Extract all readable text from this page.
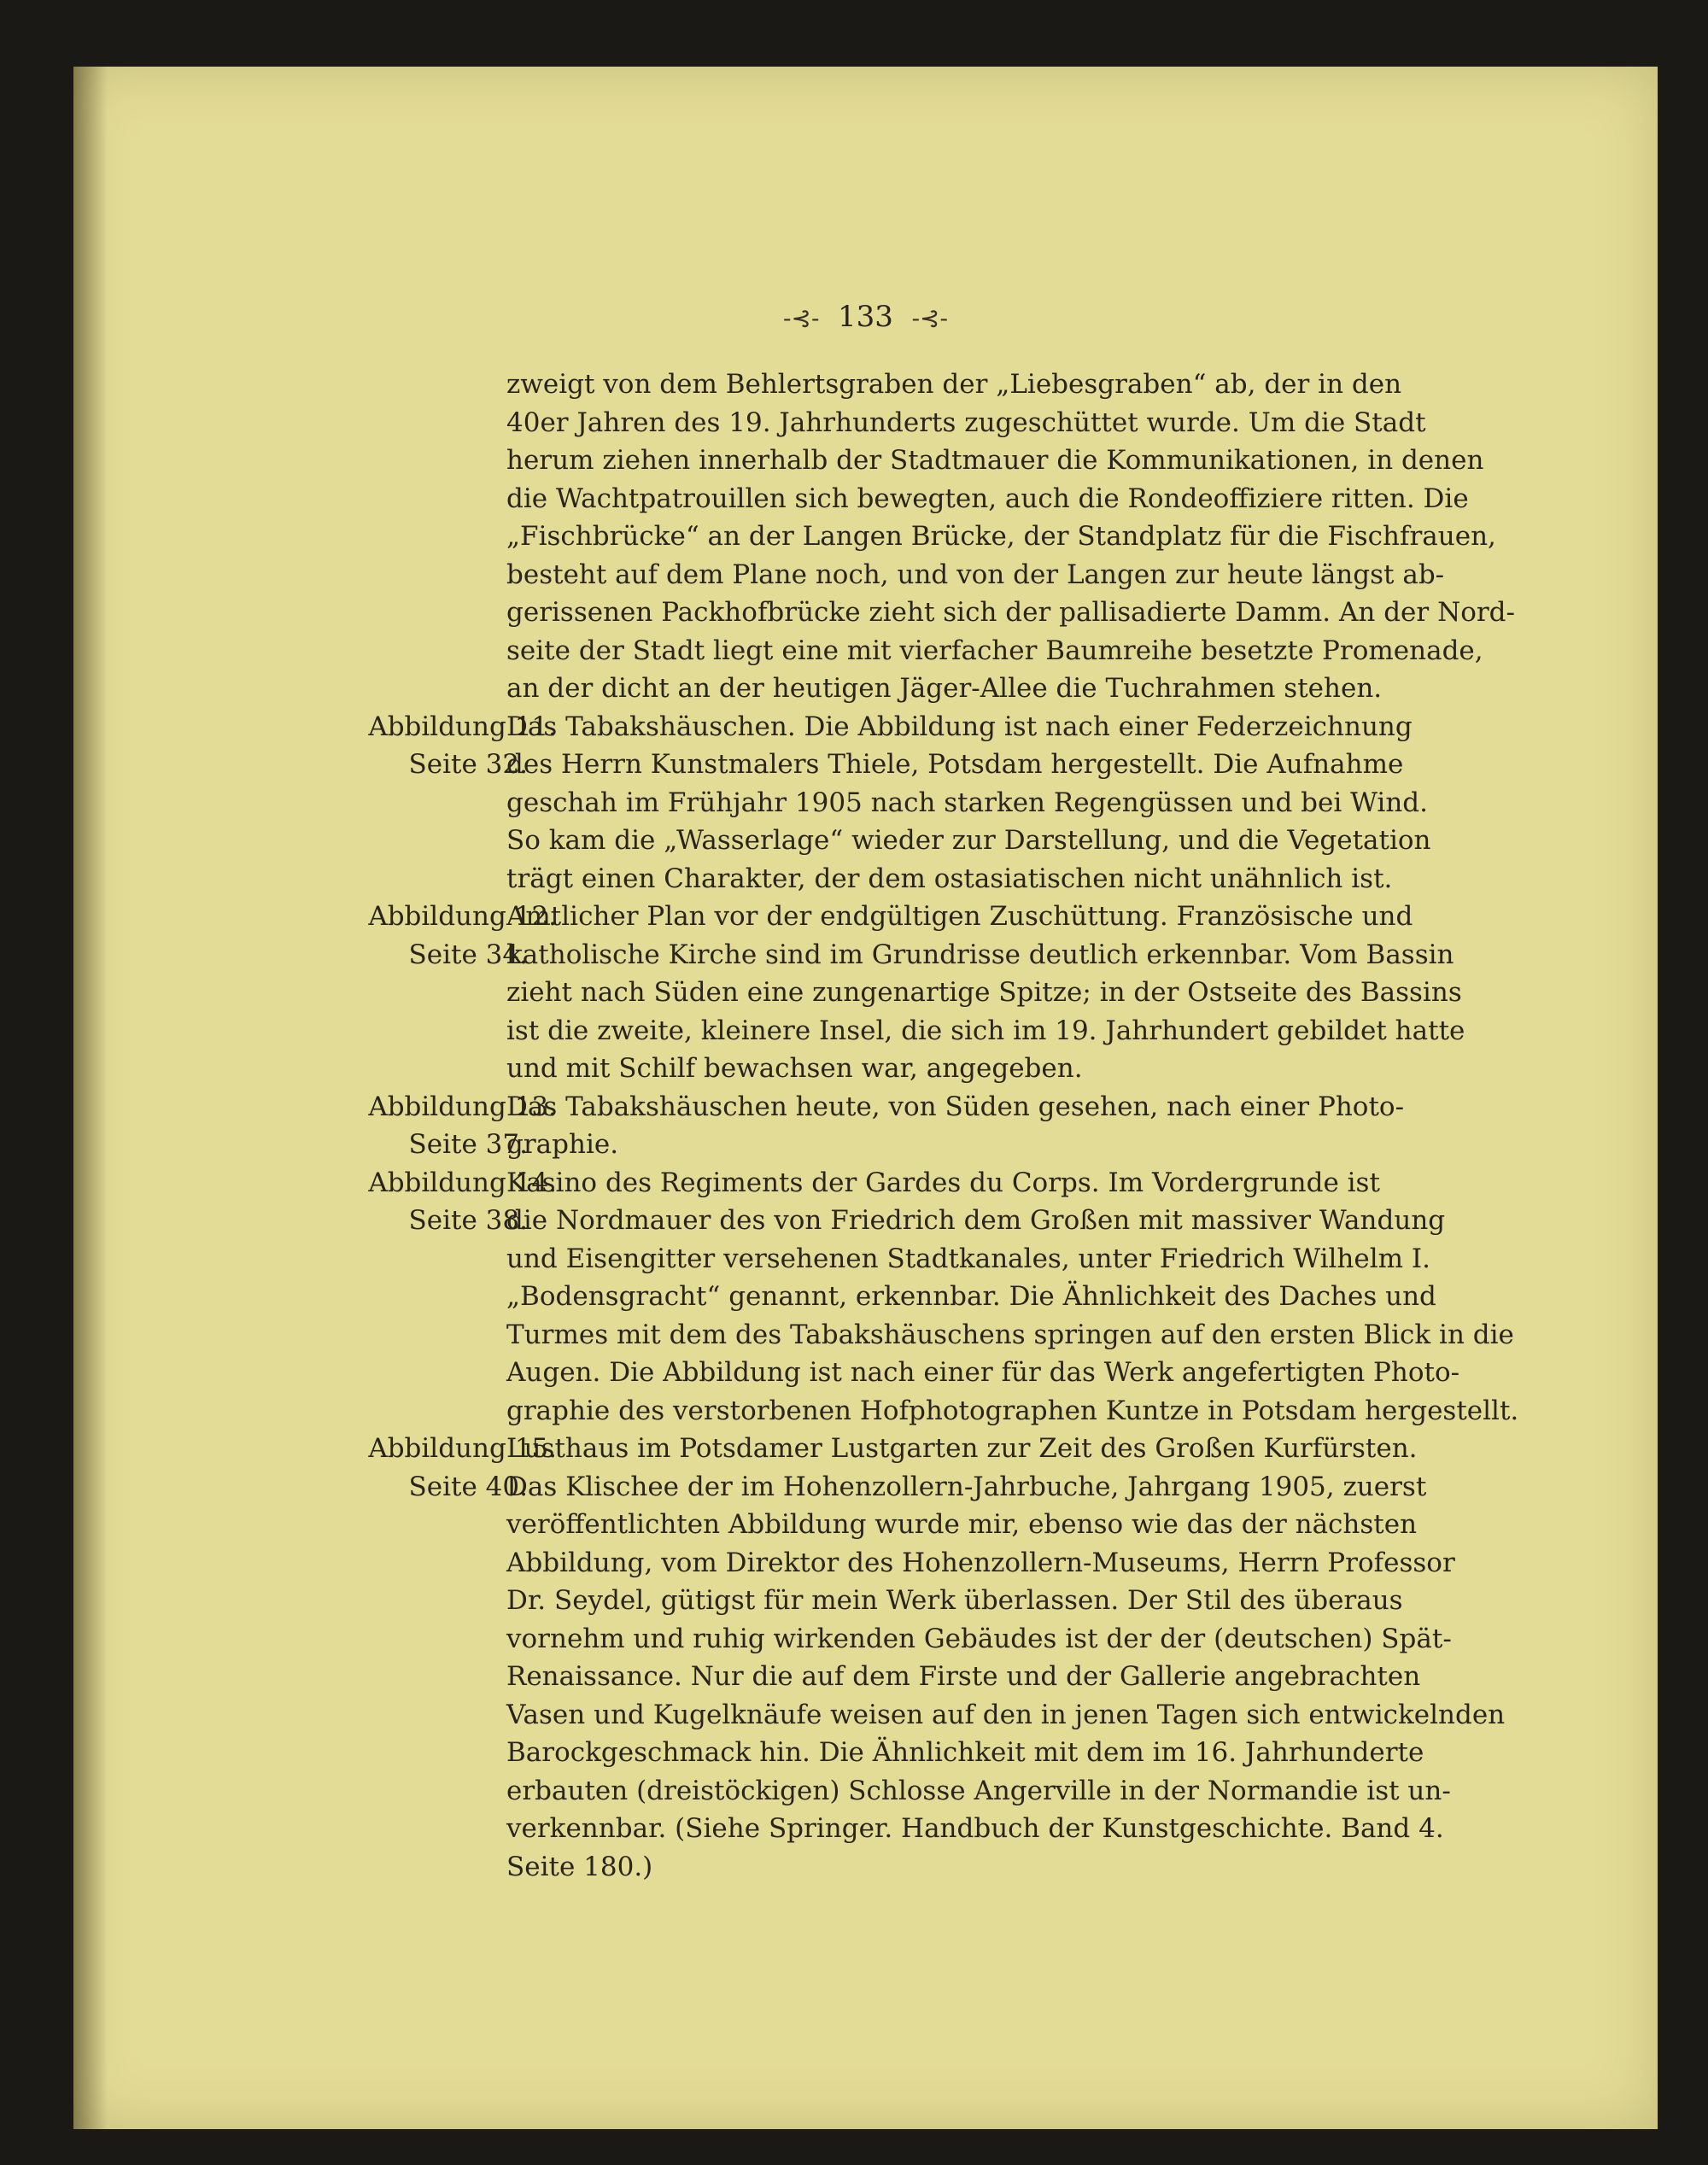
-⊰- 133 -⊰-
zweigt von dem Behlertsgraben der „Liebesgraben“ ab, der in den
40er Jahren des 19. Jahrhunderts zugeschüttet wurde. Um die Stadt
herum ziehen innerhalb der Stadtmauer die Kommunikationen, in denen
die Wachtpatrouillen sich bewegten, auch die Rondeoffiziere ritten. Die
„Fischbrücke“ an der Langen Brücke, der Standplatz für die Fischfrauen,
besteht auf dem Plane noch, und von der Langen zur heute längst ab-
gerissenen Packhofbrücke zieht sich der pallisadierte Damm. An der Nord-
seite der Stadt liegt eine mit vierfacher Baumreihe besetzte Promenade,
an der dicht an der heutigen Jäger-Allee die Tuchrahmen stehen.
Abbildung 11.
Seite 32.
Das Tabakshäuschen. Die Abbildung ist nach einer Federzeichnung
des Herrn Kunstmalers Thiele, Potsdam hergestellt. Die Aufnahme
geschah im Frühjahr 1905 nach starken Regengüssen und bei Wind.
So kam die „Wasserlage“ wieder zur Darstellung, und die Vegetation
trägt einen Charakter, der dem ostasiatischen nicht unähnlich ist.
Abbildung 12.
Seite 34.
Amtlicher Plan vor der endgültigen Zuschüttung. Französische und
katholische Kirche sind im Grundrisse deutlich erkennbar. Vom Bassin
zieht nach Süden eine zungenartige Spitze; in der Ostseite des Bassins
ist die zweite, kleinere Insel, die sich im 19. Jahrhundert gebildet hatte
und mit Schilf bewachsen war, angegeben.
Abbildung 13.
Seite 37.
Das Tabakshäuschen heute, von Süden gesehen, nach einer Photo-
graphie.
Abbildung 14.
Seite 38.
Kasino des Regiments der Gardes du Corps. Im Vordergrunde ist
die Nordmauer des von Friedrich dem Großen mit massiver Wandung
und Eisengitter versehenen Stadtkanales, unter Friedrich Wilhelm I.
„Bodensgracht“ genannt, erkennbar. Die Ähnlichkeit des Daches und
Turmes mit dem des Tabakshäuschens springen auf den ersten Blick in die
Augen. Die Abbildung ist nach einer für das Werk angefertigten Photo-
graphie des verstorbenen Hofphotographen Kuntze in Potsdam hergestellt.
Abbildung 15.
Seite 40.
Lusthaus im Potsdamer Lustgarten zur Zeit des Großen Kurfürsten.
Das Klischee der im Hohenzollern-Jahrbuche, Jahrgang 1905, zuerst
veröffentlichten Abbildung wurde mir, ebenso wie das der nächsten
Abbildung, vom Direktor des Hohenzollern-Museums, Herrn Professor
Dr. Seydel, gütigst für mein Werk überlassen. Der Stil des überaus
vornehm und ruhig wirkenden Gebäudes ist der der (deutschen) Spät-
Renaissance. Nur die auf dem Firste und der Gallerie angebrachten
Vasen und Kugelknäufe weisen auf den in jenen Tagen sich entwickelnden
Barockgeschmack hin. Die Ähnlichkeit mit dem im 16. Jahrhunderte
erbauten (dreistöckigen) Schlosse Angerville in der Normandie ist un-
verkennbar. (Siehe Springer. Handbuch der Kunstgeschichte. Band 4.
Seite 180.)
